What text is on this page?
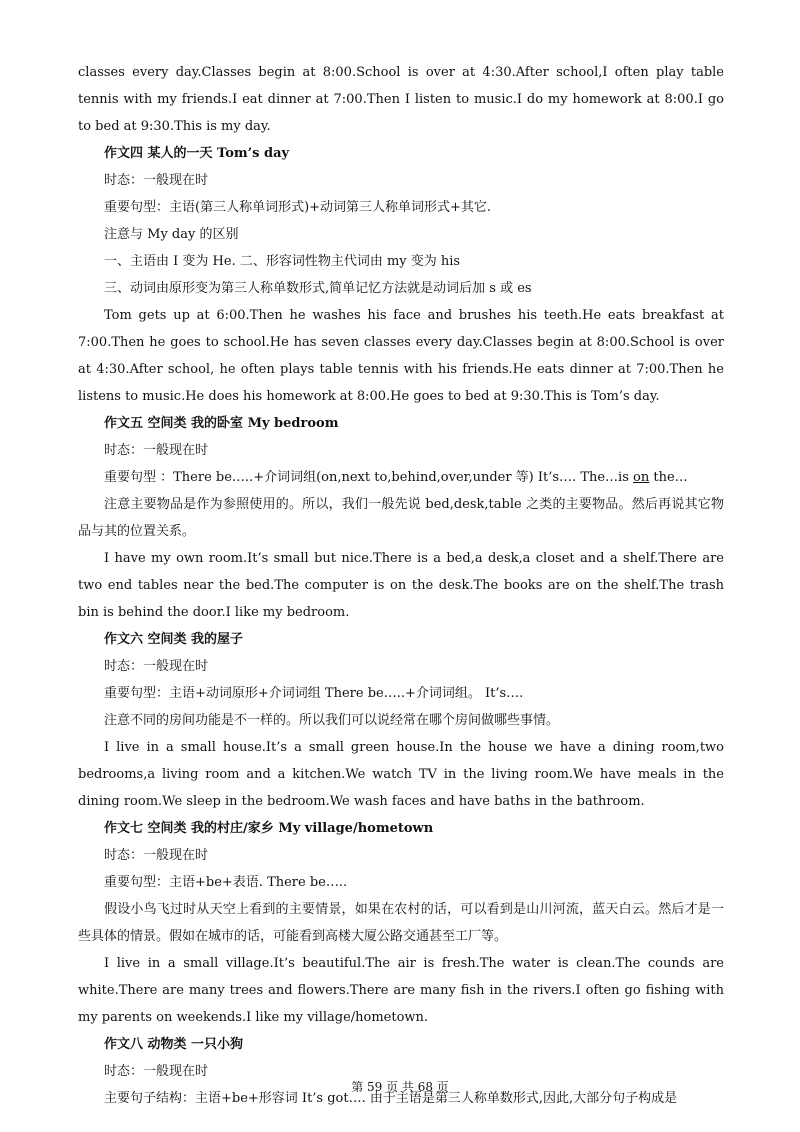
classes every day.Classes begin at 8:00.School is over at 4:30.After school,I often play table tennis with my friends.I eat dinner at 7:00.Then I listen to music.I do my homework at 8:00.I go to bed at 9:30.This is my day.

作文四 某人的一天 Tom’s day
时态：一般现在时
重要句型：主语(第三人称单词形式)+动词第三人称单词形式+其它.
注意与 My day 的区别
一、主语由 I 变为 He. 二、形容词性物主代词由 my 变为 his
三、动词由原形变为第三人称单数形式,简单记忆方法就是动词后加 s 或 es

Tom gets up at 6:00.Then he washes his face and brushes his teeth.He eats breakfast at 7:00.Then he goes to school.He has seven classes every day.Classes begin at 8:00.School is over at 4:30.After school, he often plays table tennis with his friends.He eats dinner at 7:00.Then he listens to music.He does his homework at 8:00.He goes to bed at 9:30.This is Tom’s day.

作文五 空间类 我的卧室 My bedroom
时态：一般现在时
重要句型 ：There be…..+介词词组(on,next to,behind,over,under 等) It’s…. The…is on the…

注意主要物品是作为参照使用的。所以，我们一般先说 bed,desk,table 之类的主要物品。然后再说其它物品与其的位置关系。

I have my own room.It’s small but nice.There is a bed,a desk,a closet and a shelf.There are two end tables near the bed.The computer is on the desk.The books are on the shelf.The trash bin is behind the door.I like my bedroom.

作文六 空间类 我的屋子
时态：一般现在时
重要句型：主语+动词原形+介词词组 There be…..+介词词组。 It’s….
注意不同的房间功能是不一样的。所以我们可以说经常在哪个房间做哪些事情。

I live in a small house.It’s a small green house.In the house we have a dining room,two bedrooms,a living room and a kitchen.We watch TV in the living room.We have meals in the dining room.We sleep in the bedroom.We wash faces and have baths in the bathroom.

作文七 空间类 我的村庄/家乡 My village/hometown
时态：一般现在时
重要句型：主语+be+表语. There be…..

假设小鸟飞过时从天空上看到的主要情景，如果在农村的话，可以看到是山川河流，蓝天白云。然后才是一些具体的情景。假如在城市的话，可能看到高楼大厦公路交通甚至工厂等。

I live in a small village.It’s beautiful.The air is fresh.The water is clean.The counds are white.There are many trees and flowers.There are many fish in the rivers.I often go fishing with my parents on weekends.I like my village/hometown.

作文八 动物类 一只小狗
时态：一般现在时
主要句子结构：主语+be+形容词 It’s got…. 由于主语是第三人称单数形式,因此,大部分句子构成是
第 59 页 共 68 页
